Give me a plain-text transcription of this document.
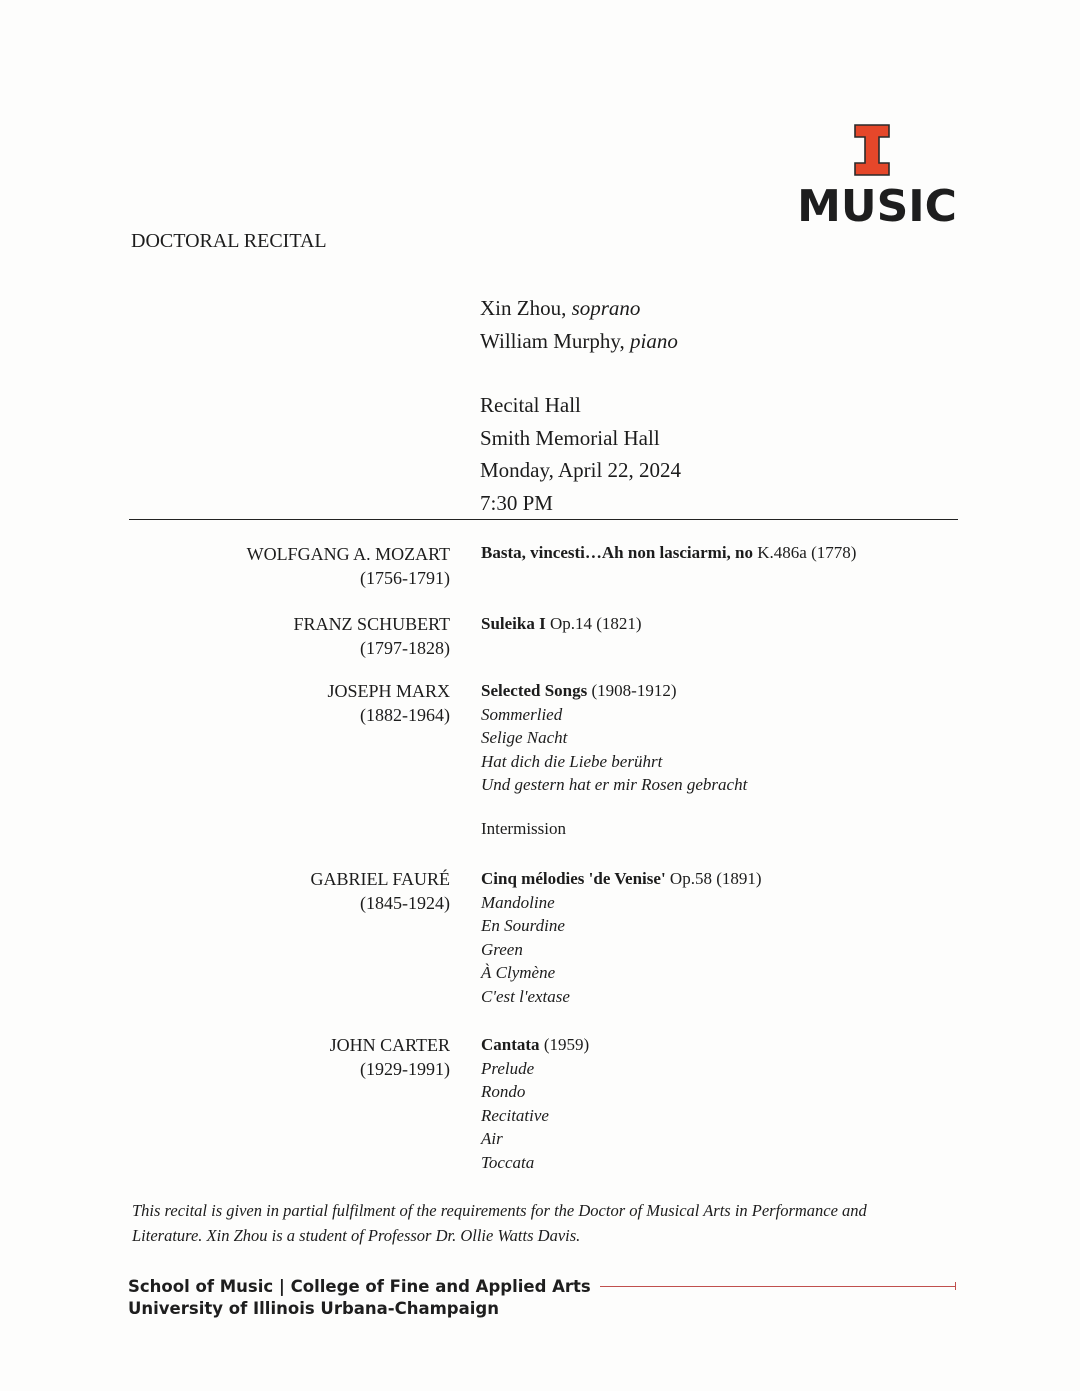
MUSIC
DOCTORAL RECITAL
Xin Zhou, soprano
William Murphy, piano
Recital Hall
Smith Memorial Hall
Monday, April 22, 2024
7:30 PM
WOLFGANG A. MOZART
(1756-1791)
Basta, vincesti…Ah non lasciarmi, no K.486a (1778)
FRANZ SCHUBERT
(1797-1828)
Suleika I Op.14 (1821)
JOSEPH MARX
(1882-1964)
Selected Songs (1908-1912)
Sommerlied
Selige Nacht
Hat dich die Liebe berührt
Und gestern hat er mir Rosen gebracht
GABRIEL FAURÉ
(1845-1924)
Cinq mélodies 'de Venise' Op.58 (1891)
Mandoline
En Sourdine
Green
À Clymène
C'est l'extase
JOHN CARTER
(1929-1991)
Cantata (1959)
Prelude
Rondo
Recitative
Air
Toccata
Intermission
This recital is given in partial fulfilment of the requirements for the Doctor of Musical Arts in Performance and Literature. Xin Zhou is a student of Professor Dr. Ollie Watts Davis.
School of Music | College of Fine and Applied Arts
University of Illinois Urbana-Champaign
